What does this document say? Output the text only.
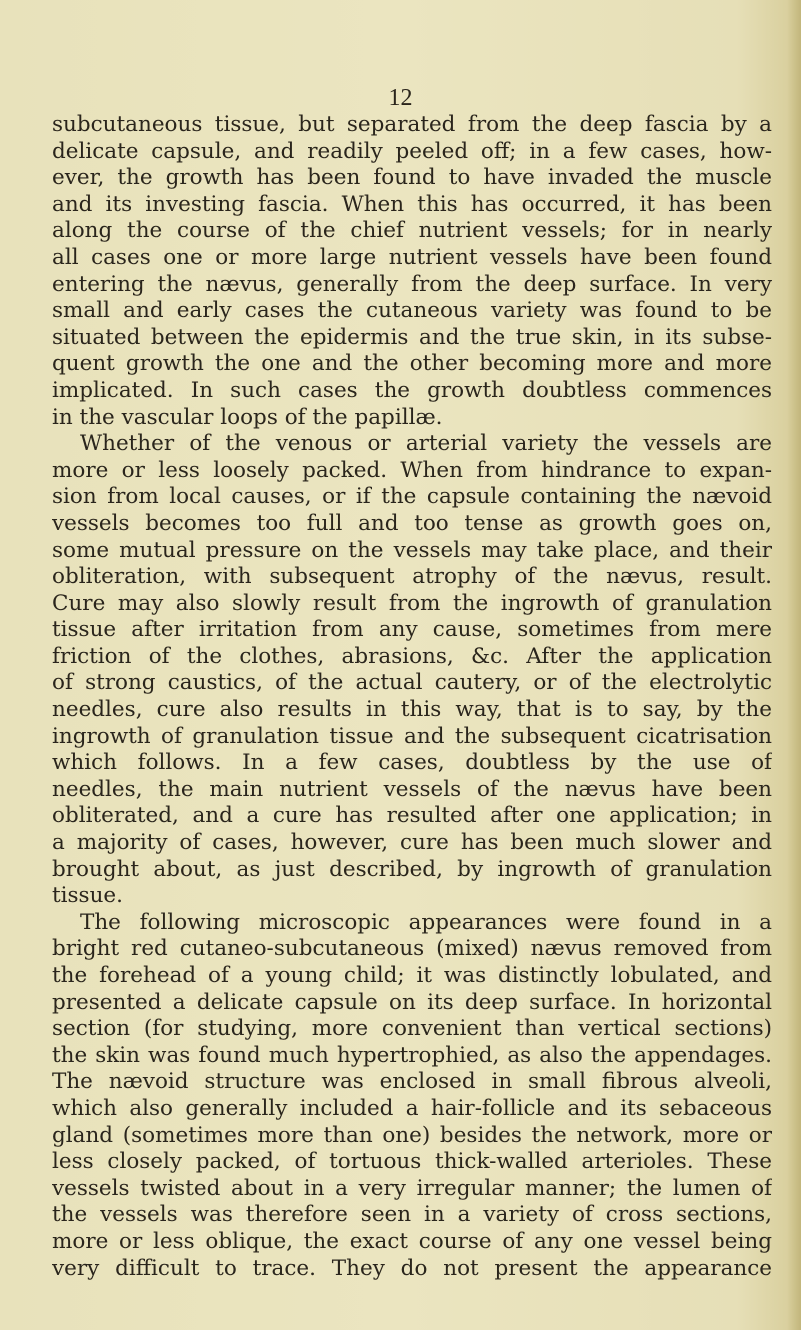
12
subcutaneous tissue, but separated from the deep fascia by a
delicate capsule, and readily peeled off; in a few cases, how-
ever, the growth has been found to have invaded the muscle
and its investing fascia. When this has occurred, it has been
along the course of the chief nutrient vessels; for in nearly
all cases one or more large nutrient vessels have been found
entering the nævus, generally from the deep surface. In very
small and early cases the cutaneous variety was found to be
situated between the epidermis and the true skin, in its subse-
quent growth the one and the other becoming more and more
implicated. In such cases the growth doubtless commences
in the vascular loops of the papillæ.
Whether of the venous or arterial variety the vessels are
more or less loosely packed. When from hindrance to expan-
sion from local causes, or if the capsule containing the nævoid
vessels becomes too full and too tense as growth goes on,
some mutual pressure on the vessels may take place, and their
obliteration, with subsequent atrophy of the nævus, result.
Cure may also slowly result from the ingrowth of granulation
tissue after irritation from any cause, sometimes from mere
friction of the clothes, abrasions, &c. After the application
of strong caustics, of the actual cautery, or of the electrolytic
needles, cure also results in this way, that is to say, by the
ingrowth of granulation tissue and the subsequent cicatrisation
which follows. In a few cases, doubtless by the use of
needles, the main nutrient vessels of the nævus have been
obliterated, and a cure has resulted after one application; in
a majority of cases, however, cure has been much slower and
brought about, as just described, by ingrowth of granulation
tissue.
The following microscopic appearances were found in a
bright red cutaneo-subcutaneous (mixed) nævus removed from
the forehead of a young child; it was distinctly lobulated, and
presented a delicate capsule on its deep surface. In horizontal
section (for studying, more convenient than vertical sections)
the skin was found much hypertrophied, as also the appendages.
The nævoid structure was enclosed in small fibrous alveoli,
which also generally included a hair-follicle and its sebaceous
gland (sometimes more than one) besides the network, more or
less closely packed, of tortuous thick-walled arterioles. These
vessels twisted about in a very irregular manner; the lumen of
the vessels was therefore seen in a variety of cross sections,
more or less oblique, the exact course of any one vessel being
very difficult to trace. They do not present the appearance
